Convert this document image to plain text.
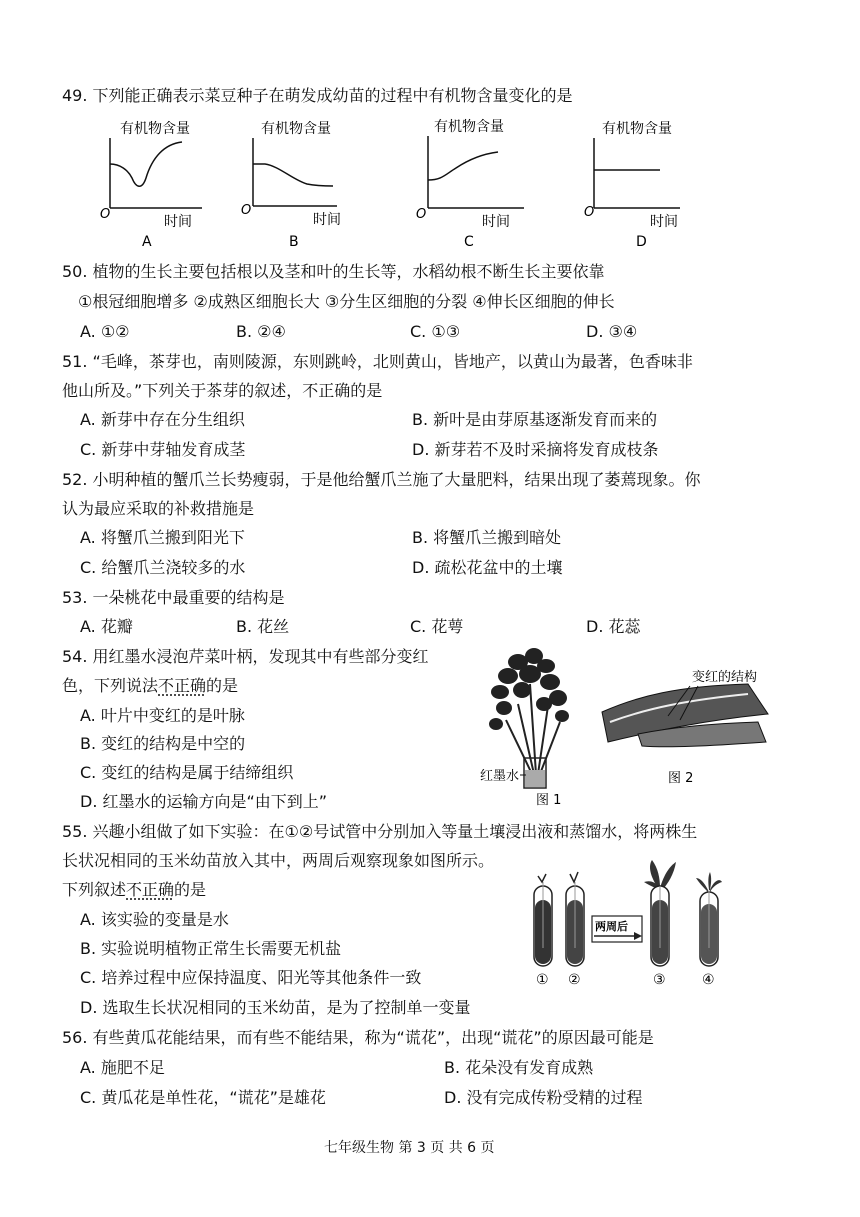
49. 下列能正确表示菜豆种子在萌发成幼苗的过程中有机物含量变化的是
有机物含量
O	时间
A
有机物含量
O
时间
B
有机物含量
O	时间
C
有机物含量
O
时间
D
50. 植物的生长主要包括根以及茎和叶的生长等，水稻幼根不断生长主要依靠
①根冠细胞增多 ②成熟区细胞长大 ③分生区细胞的分裂 ④伸长区细胞的伸长
A. ①②	B. ②④	C. ①③	D. ③④
51. “毛峰，茶芽也，南则陵源，东则跳岭，北则黄山，皆地产，以黄山为最著，色香味非
他山所及。”下列关于茶芽的叙述，不正确的是
A. 新芽中存在分生组织	B. 新叶是由芽原基逐渐发育而来的
C. 新芽中芽轴发育成茎	D. 新芽若不及时采摘将发育成枝条
52. 小明种植的蟹爪兰长势瘦弱，于是他给蟹爪兰施了大量肥料，结果出现了萎蔫现象。你
认为最应采取的补救措施是
A. 将蟹爪兰搬到阳光下	B. 将蟹爪兰搬到暗处
C. 给蟹爪兰浇较多的水	D. 疏松花盆中的土壤
53. 一朵桃花中最重要的结构是
A. 花瓣	B. 花丝	C. 花萼	D. 花蕊
54. 用红墨水浸泡芹菜叶柄，发现其中有些部分变红
色，下列说法不正确的是
A. 叶片中变红的是叶脉
B. 变红的结构是中空的
C. 变红的结构是属于结缔组织
D. 红墨水的运输方向是“由下到上”
红墨水
图 1
变红的结构
图 2
55. 兴趣小组做了如下实验：在①②号试管中分别加入等量土壤浸出液和蒸馏水，将两株生
长状况相同的玉米幼苗放入其中，两周后观察现象如图所示。
下列叙述不正确的是
A. 该实验的变量是水
B. 实验说明植物正常生长需要无机盐
C. 培养过程中应保持温度、阳光等其他条件一致
D. 选取生长状况相同的玉米幼苗，是为了控制单一变量
两周后
① ②	③	④
56. 有些黄瓜花能结果，而有些不能结果，称为“谎花”，出现“谎花”的原因最可能是
A. 施肥不足	B. 花朵没有发育成熟
C. 黄瓜花是单性花，“谎花”是雄花	D. 没有完成传粉受精的过程
七年级生物 第 3 页 共 6 页
